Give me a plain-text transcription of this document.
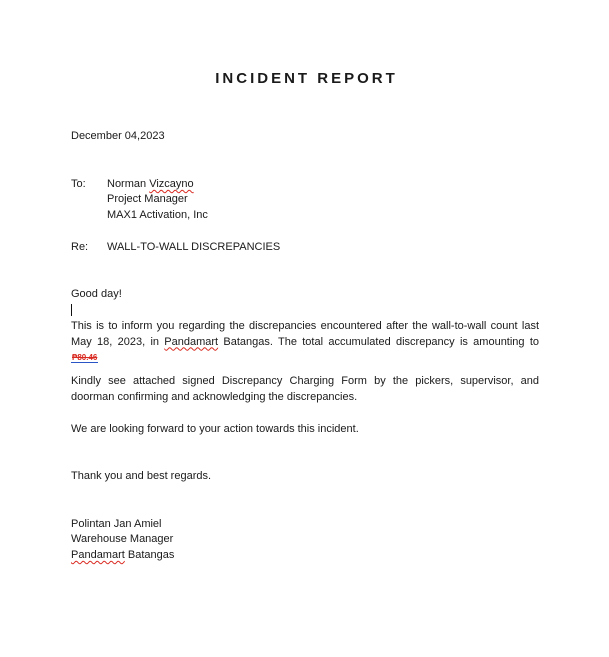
INCIDENT REPORT
December 04,2023
To: Norman Vizcayno
Project Manager
MAX1 Activation, Inc
Re: WALL-TO-WALL DISCREPANCIES
Good day!
This is to inform you regarding the discrepancies encountered after the wall-to-wall count last May 18, 2023, in Pandamart Batangas. The total accumulated discrepancy is amounting to ₱80.46
Kindly see attached signed Discrepancy Charging Form by the pickers, supervisor, and doorman confirming and acknowledging the discrepancies.
We are looking forward to your action towards this incident.
Thank you and best regards.
Polintan Jan Amiel
Warehouse Manager
Pandamart Batangas
